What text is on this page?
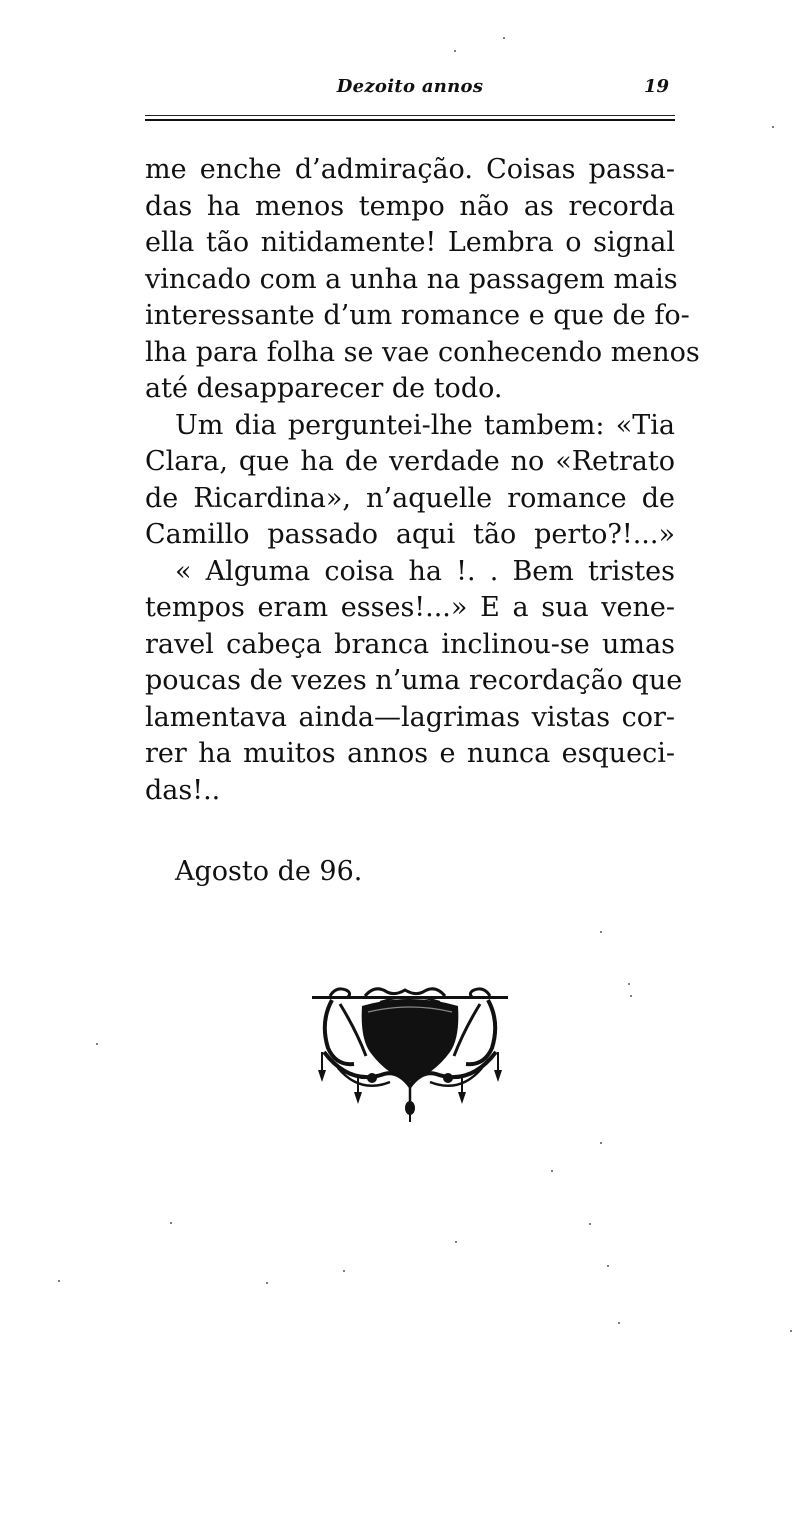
Dezoito annos	19

me enche d’admiração. Coisas passa-
das ha menos tempo não as recorda
ella tão nitidamente! Lembra o signal
vincado com a unha na passagem mais
interessante d’um romance e que de fo-
lha para folha se vae conhecendo menos
até desapparecer de todo.

Um dia perguntei-lhe tambem: «Tia
Clara, que ha de verdade no «Retrato
de Ricardina», n’aquelle romance de
Camillo passado aqui tão perto?!...»

« Alguma coisa ha !. . Bem tristes
tempos eram esses!...» E a sua vene-
ravel cabeça branca inclinou-se umas
poucas de vezes n’uma recordação que
lamentava ainda—lagrimas vistas cor-
rer ha muitos annos e nunca esqueci-
das!..

Agosto de 96.
